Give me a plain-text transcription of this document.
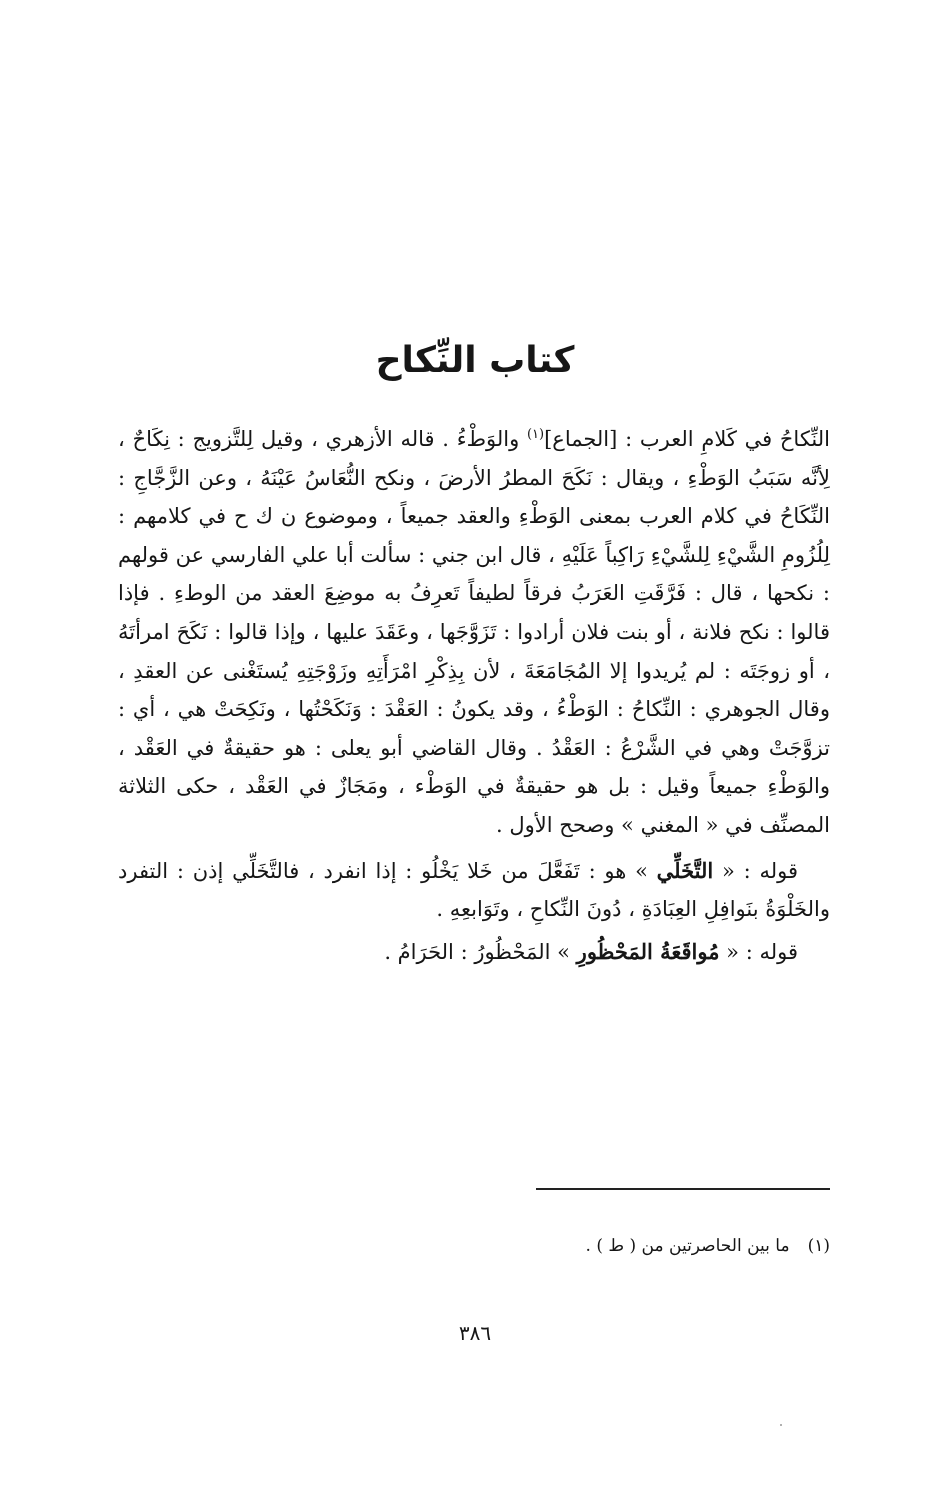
كتاب النِّكاح

النِّكاحُ في كَلامِ العرب : [الجماع]$^{(١)}$ والوَطْءُ . قاله الأزهري ، وقيل لِلتَّزويج : نِكَاحٌ ، لِأنَّه سَبَبُ الوَطْءِ ، ويقال : نَكَحَ المطرُ الأرضَ ، ونكح النُّعَاسُ عَيْنَهُ ، وعن الزَّجَّاجِ : النِّكَاحُ في كلام العرب بمعنى الوَطْءِ والعقد جميعاً ، وموضوع ن ك ح في كلامهم : لِلُزُومِ الشَّيْءِ لِلشَّيْءِ رَاكِباً عَلَيْهِ ، قال ابن جني : سألت أبا علي الفارسي عن قولهم : نكحها ، قال : فَرَّقَتِ العَرَبُ فرقاً لطيفاً تَعرِفُ به موضِعَ العقد من الوطءِ . فإذا قالوا : نكح فلانة ، أو بنت فلان أرادوا : تَزَوَّجَها ، وعَقَدَ عليها ، وإذا قالوا : نَكَحَ امرأتَهُ ، أو زوجَتَه : لم يُريدوا إلا المُجَامَعَةَ ، لأن بِذِكْرِ امْرَأَتِهِ وزَوْجَتِهِ يُستَغْنى عن العقدِ ، وقال الجوهري : النِّكاحُ : الوَطْءُ ، وقد يكونُ : العَقْدَ : وَنَكَحْتُها ، ونَكِحَتْ هي ، أي : تزوَّجَتْ وهي في الشَّرْعُ : العَقْدُ . وقال القاضي أبو يعلى : هو حقيقةٌ في العَقْد ، والوَطْءِ جميعاً وقيل : بل هو حقيقةٌ في الوَطْء ، ومَجَازٌ في العَقْد ، حكى الثلاثة المصنِّف في « المغني » وصحح الأول .

قوله : « التَّخَلِّي » هو : تَفَعَّلَ من خَلا يَخْلُو : إذا انفرد ، فالتَّخَلِّي إذن : التفرد والخَلْوَةُ بنَوافِلِ العِبَادَةِ ، دُونَ النِّكاحِ ، وتَوَابعِهِ .

قوله : « مُواقَعَةُ المَحْظُورِ » المَحْظُورُ : الحَرَامُ .

(١)ما بين الحاصرتين من ( ط ) .
٣٨٦
